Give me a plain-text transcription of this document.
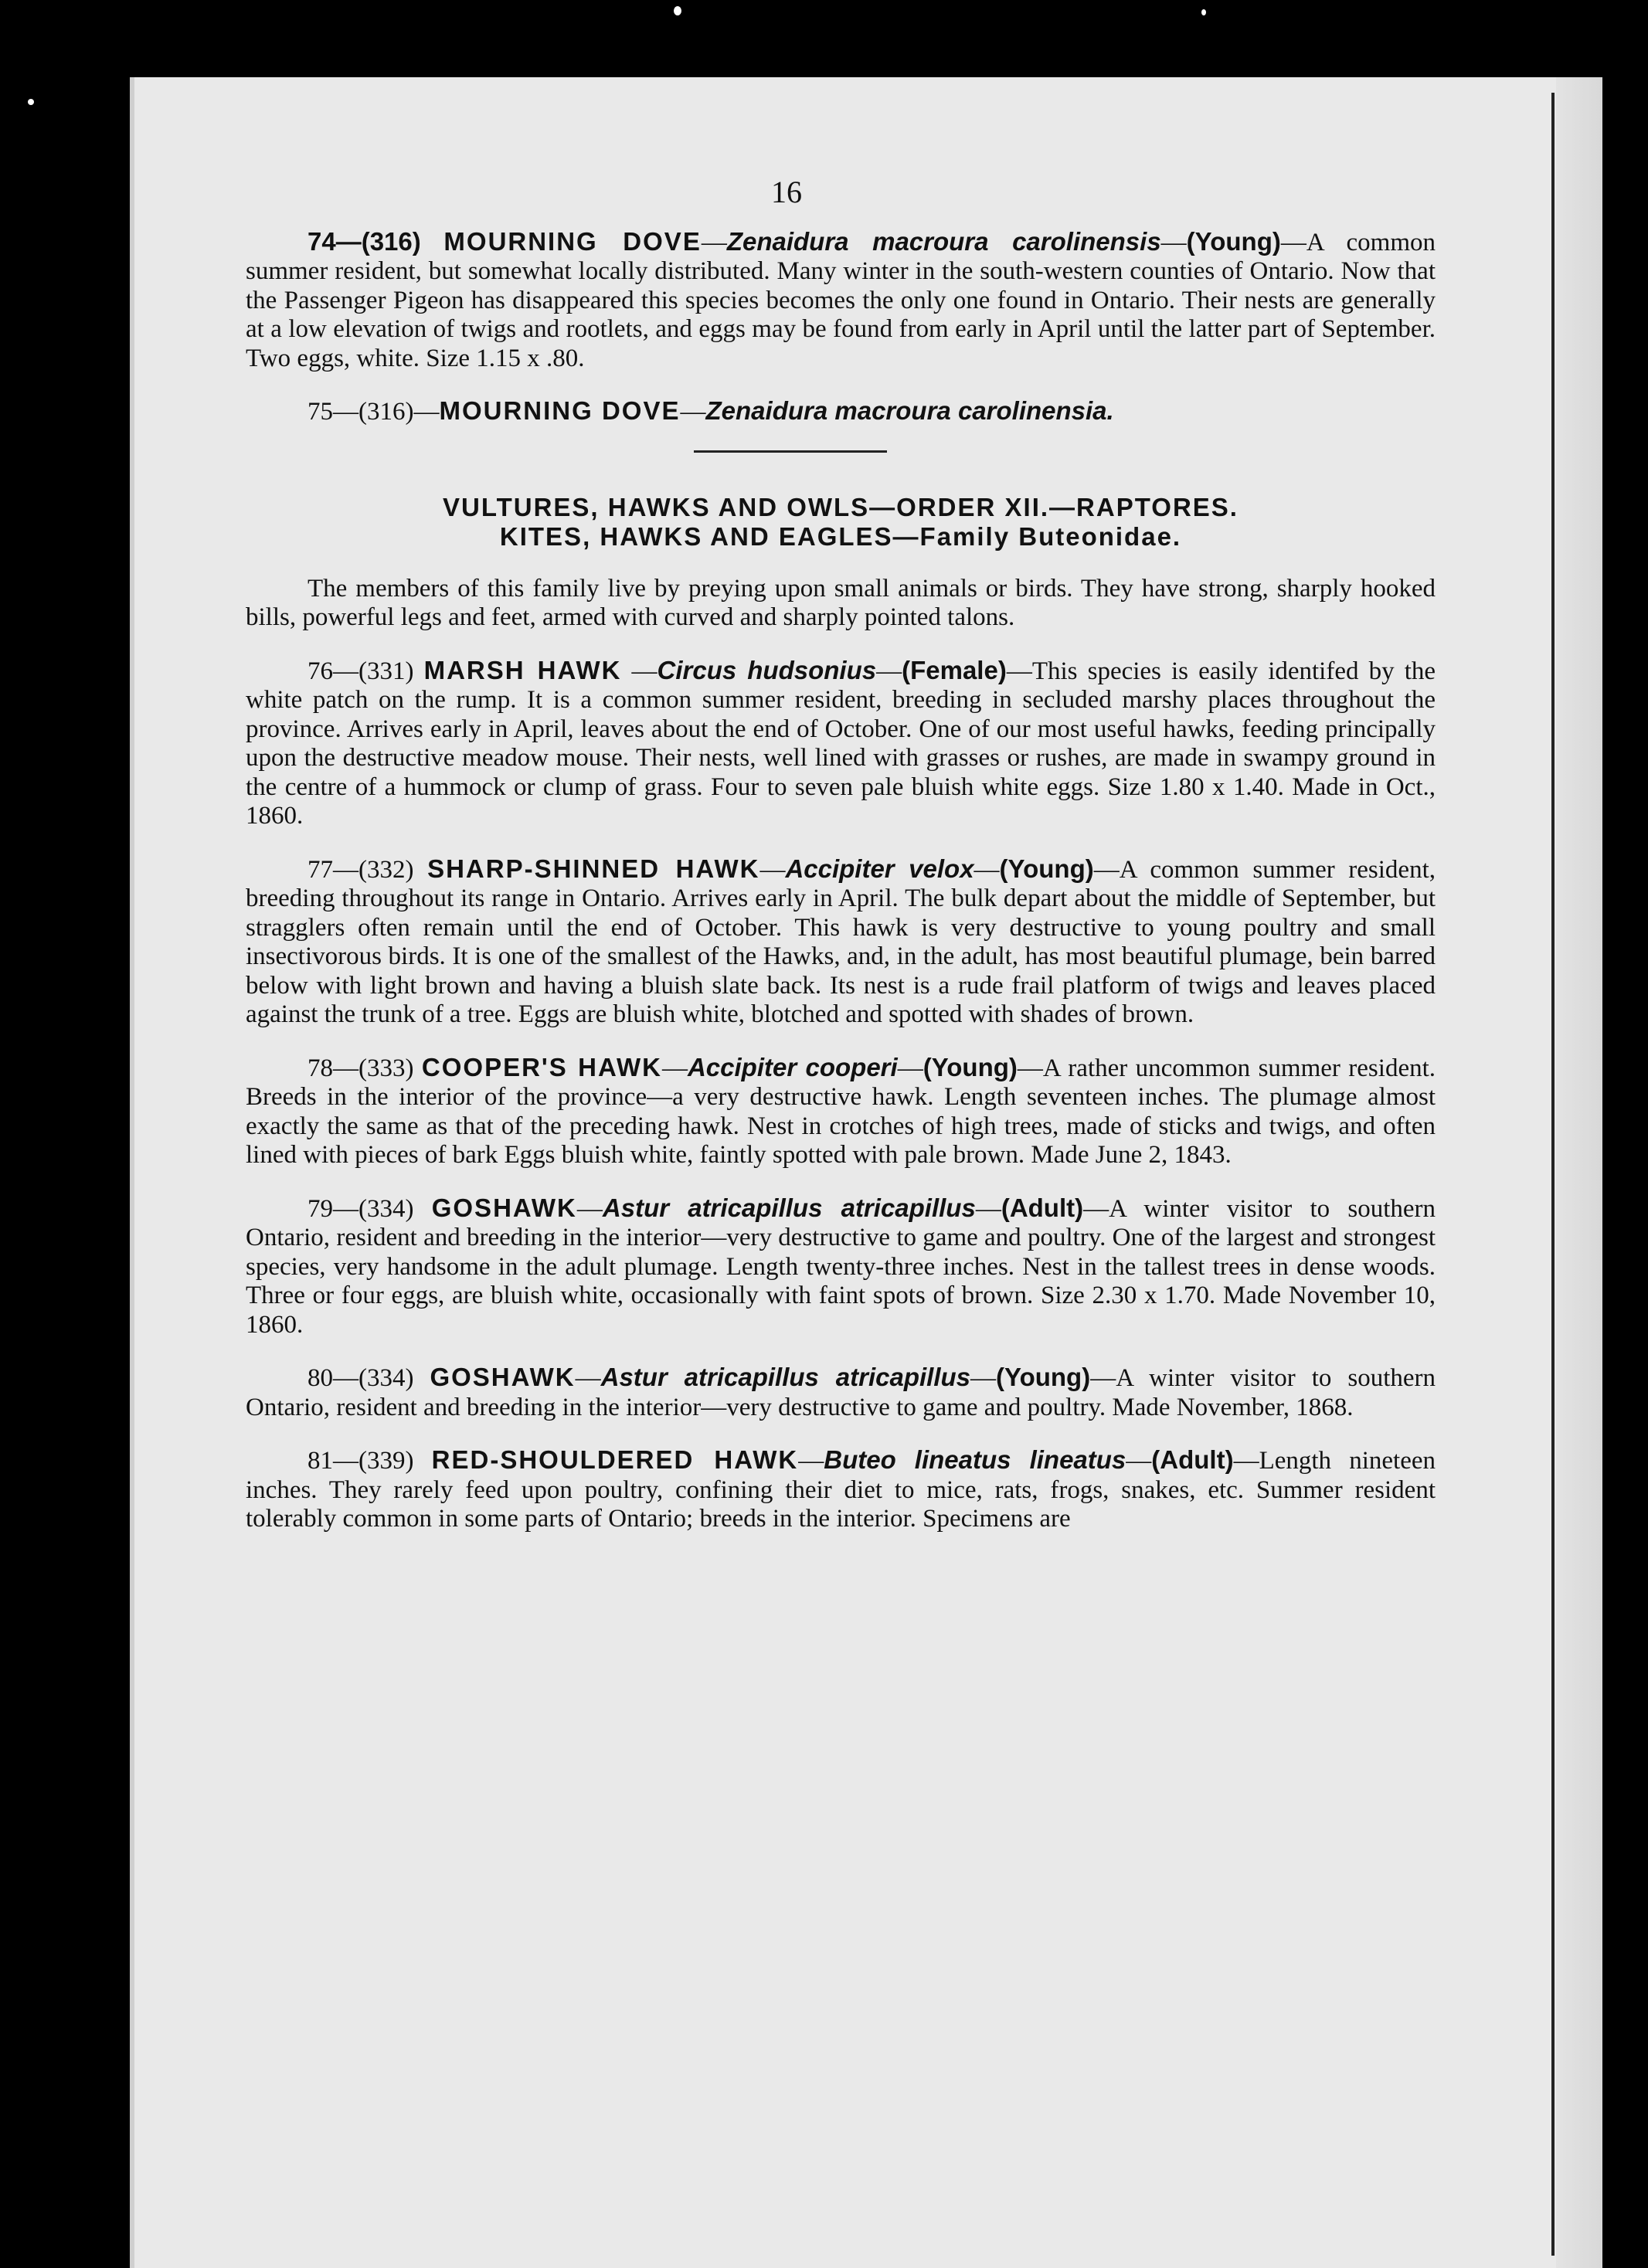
16

74—(316) MOURNING DOVE—Zenaidura macroura carolinensis—(Young)—A common summer resident, but somewhat locally distributed. Many winter in the south-western counties of Ontario. Now that the Passenger Pigeon has disappeared this species becomes the only one found in Ontario. Their nests are generally at a low elevation of twigs and rootlets, and eggs may be found from early in April until the latter part of September. Two eggs, white. Size 1.15 x .80.

75—(316)—MOURNING DOVE—Zenaidura macroura carolinensia.

VULTURES, HAWKS AND OWLS—ORDER XII.—RAPTORES.
KITES, HAWKS AND EAGLES—Family Buteonidae.

The members of this family live by preying upon small animals or birds. They have strong, sharply hooked bills, powerful legs and feet, armed with curved and sharply pointed talons.

76—(331) MARSH HAWK —Circus hudsonius—(Female)—This species is easily identifed by the white patch on the rump. It is a common summer resident, breeding in secluded marshy places throughout the province. Arrives early in April, leaves about the end of October. One of our most useful hawks, feeding principally upon the destructive meadow mouse. Their nests, well lined with grasses or rushes, are made in swampy ground in the centre of a hummock or clump of grass. Four to seven pale bluish white eggs. Size 1.80 x 1.40. Made in Oct., 1860.

77—(332) SHARP-SHINNED HAWK—Accipiter velox—(Young)—A common summer resident, breeding throughout its range in Ontario. Arrives early in April. The bulk depart about the middle of September, but stragglers often remain until the end of October. This hawk is very destructive to young poultry and small insectivorous birds. It is one of the smallest of the Hawks, and, in the adult, has most beautiful plumage, bein barred below with light brown and having a bluish slate back. Its nest is a rude frail platform of twigs and leaves placed against the trunk of a tree. Eggs are bluish white, blotched and spotted with shades of brown.

78—(333) COOPER'S HAWK—Accipiter cooperi—(Young)—A rather uncommon summer resident. Breeds in the interior of the province—a very destructive hawk. Length seventeen inches. The plumage almost exactly the same as that of the preceding hawk. Nest in crotches of high trees, made of sticks and twigs, and often lined with pieces of bark Eggs bluish white, faintly spotted with pale brown. Made June 2, 1843.

79—(334) GOSHAWK—Astur atricapillus atricapillus—(Adult)—A winter visitor to southern Ontario, resident and breeding in the interior—very destructive to game and poultry. One of the largest and strongest species, very handsome in the adult plumage. Length twenty-three inches. Nest in the tallest trees in dense woods. Three or four eggs, are bluish white, occasionally with faint spots of brown. Size 2.30 x 1.70. Made November 10, 1860.

80—(334) GOSHAWK—Astur atricapillus atricapillus—(Young)—A winter visitor to southern Ontario, resident and breeding in the interior—very destructive to game and poultry. Made November, 1868.

81—(339) RED-SHOULDERED HAWK—Buteo lineatus lineatus—(Adult)—Length nineteen inches. They rarely feed upon poultry, confining their diet to mice, rats, frogs, snakes, etc. Summer resident tolerably common in some parts of Ontario; breeds in the interior. Specimens are
